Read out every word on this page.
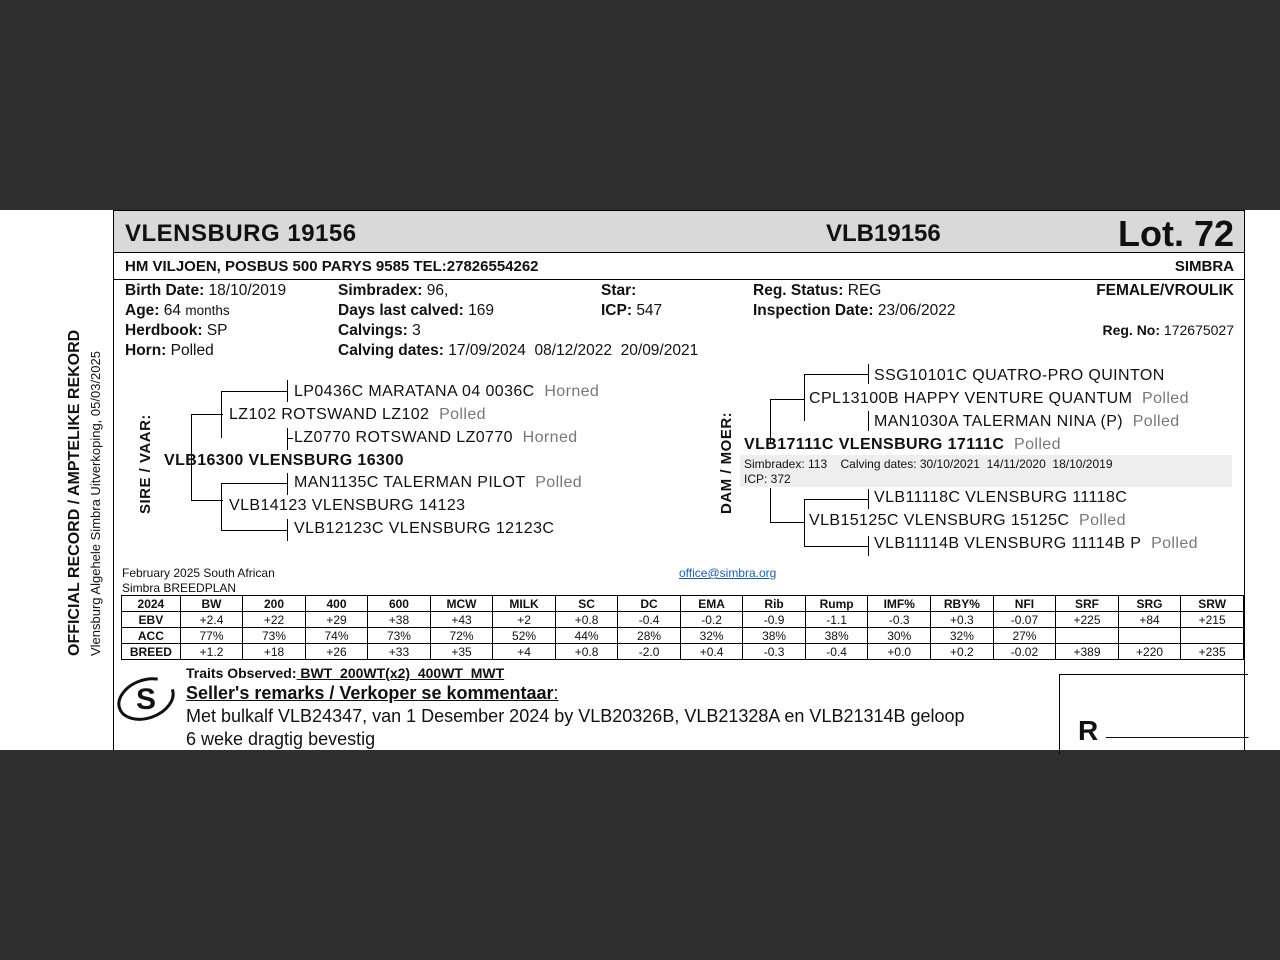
OFFICIAL RECORD / AMPTELIKE REKORD Vlensburg Algehele Simbra Uitverkoping, 05/03/2025
VLENSBURG 19156	VLB19156	Lot. 72
HM VILJOEN, POSBUS 500 PARYS 9585 TEL:27826554262	SIMBRA
Birth Date: 18/10/2019
Age: 64 months
Herdbook: SP
Horn: Polled
Simbradex: 96,
Days last calved: 169
Calvings: 3
Calving dates: 17/09/2024  08/12/2022  20/09/2021
Star:
ICP: 547
Reg. Status: REG
Inspection Date: 23/06/2022
FEMALE/VROULIK
Reg. No: 172675027
SIRE / VAAR: VLB16300 VLENSBURG 16300
LZ102 ROTSWAND LZ102 Polled
LP0436C MARATANA 04 0036C Horned
LZ0770 ROTSWAND LZ0770 Horned
VLB14123 VLENSBURG 14123
MAN1135C TALERMAN PILOT Polled
VLB12123C VLENSBURG 12123C
DAM / MOER: VLB17111C VLENSBURG 17111C Polled
Simbradex: 113    Calving dates: 30/10/2021  14/11/2020  18/10/2019
ICP: 372
CPL13100B HAPPY VENTURE QUANTUM Polled
SSG10101C QUATRO-PRO QUINTON
MAN1030A TALERMAN NINA (P) Polled
VLB15125C VLENSBURG 15125C Polled
VLB11118C VLENSBURG 11118C
VLB11114B VLENSBURG 11114B P Polled
February 2025 South African
Simbra BREEDPLAN
office@simbra.org
2024	BW	200	400	600	MCW	MILK	SC	DC	EMA	Rib	Rump	IMF%	RBY%	NFI	SRF	SRG	SRW
EBV	+2.4	+22	+29	+38	+43	+2	+0.8	-0.4	-0.2	-0.9	-1.1	-0.3	+0.3	-0.07	+225	+84	+215
ACC	77%	73%	74%	73%	72%	52%	44%	28%	32%	38%	38%	30%	32%	27%			
BREED	+1.2	+18	+26	+33	+35	+4	+0.8	-2.0	+0.4	-0.3	-0.4	+0.0	+0.2	-0.02	+389	+220	+235
Traits Observed: BWT  200WT(x2)  400WT  MWT
S Seller's remarks / Verkoper se kommentaar:
Met bulkalf VLB24347, van 1 Desember 2024 by VLB20326B, VLB21328A en VLB21314B geloop
6 weke dragtig bevestig	R ________________
